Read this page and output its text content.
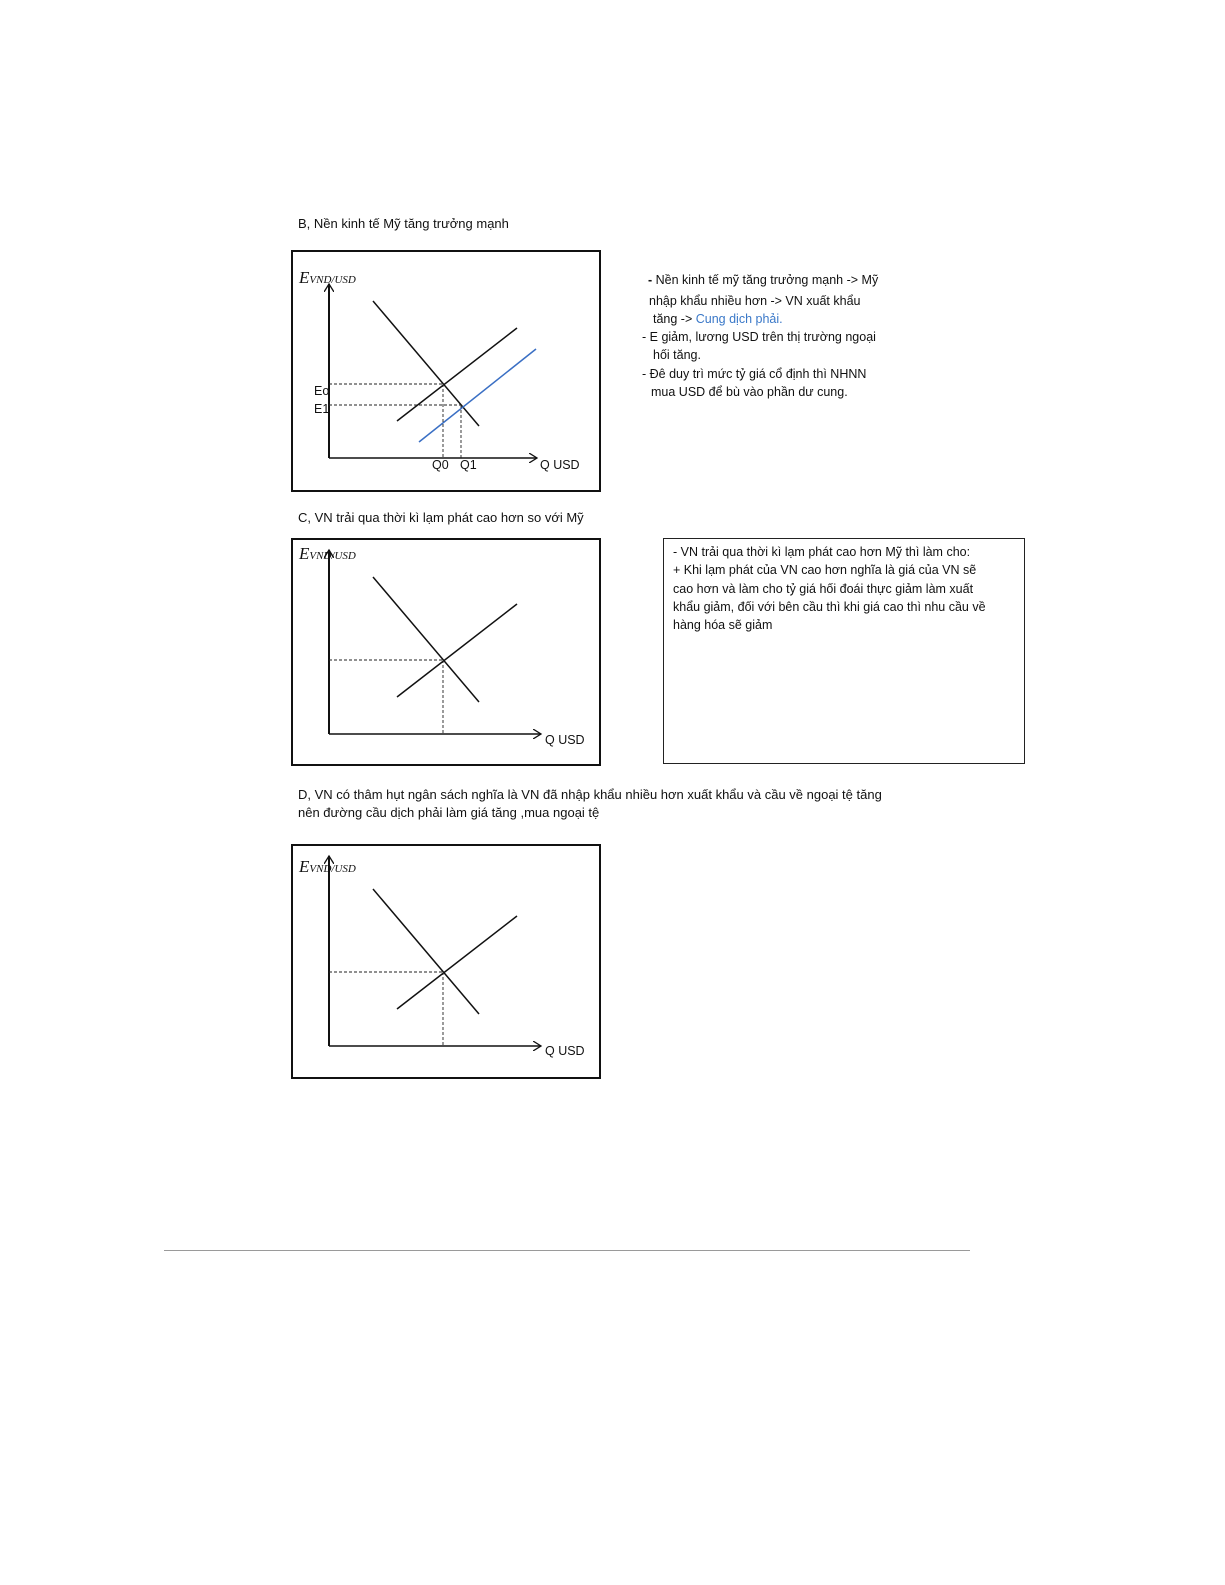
B, Nền kinh tế Mỹ tăng trưởng mạnh
EVND/USD
Eo
E1
Q0 Q1	Q USD
- Nền kinh tế mỹ tăng trưởng mạnh -> Mỹ
nhập khẩu nhiều hơn -> VN xuất khẩu
tăng -> Cung dịch phải.
- E giảm, lương USD trên thị trường ngoại
hối tăng.
- Đê duy trì mức tỷ giá cổ định thì NHNN
mua USD để bù vào phần dư cung.
C, VN trải qua thời kì lạm phát cao hơn so với Mỹ
EVND/USD
Q USD
- VN trải qua thời kì lạm phát cao hơn Mỹ thì làm cho:
+ Khi lạm phát của VN cao hơn nghĩa là giá của VN sẽ
cao hơn và làm cho tỷ giá hối đoái thực giảm làm xuất
khẩu giảm, đối với bên cầu thì khi giá cao thì nhu cầu về
hàng hóa sẽ giảm
D, VN có thâm hụt ngân sách nghĩa là VN đã nhập khẩu nhiều hơn xuất khẩu và cầu về ngoại tệ tăng
nên đường cầu dịch phải làm giá tăng ,mua ngoại tệ
EVND/USD
Q USD
